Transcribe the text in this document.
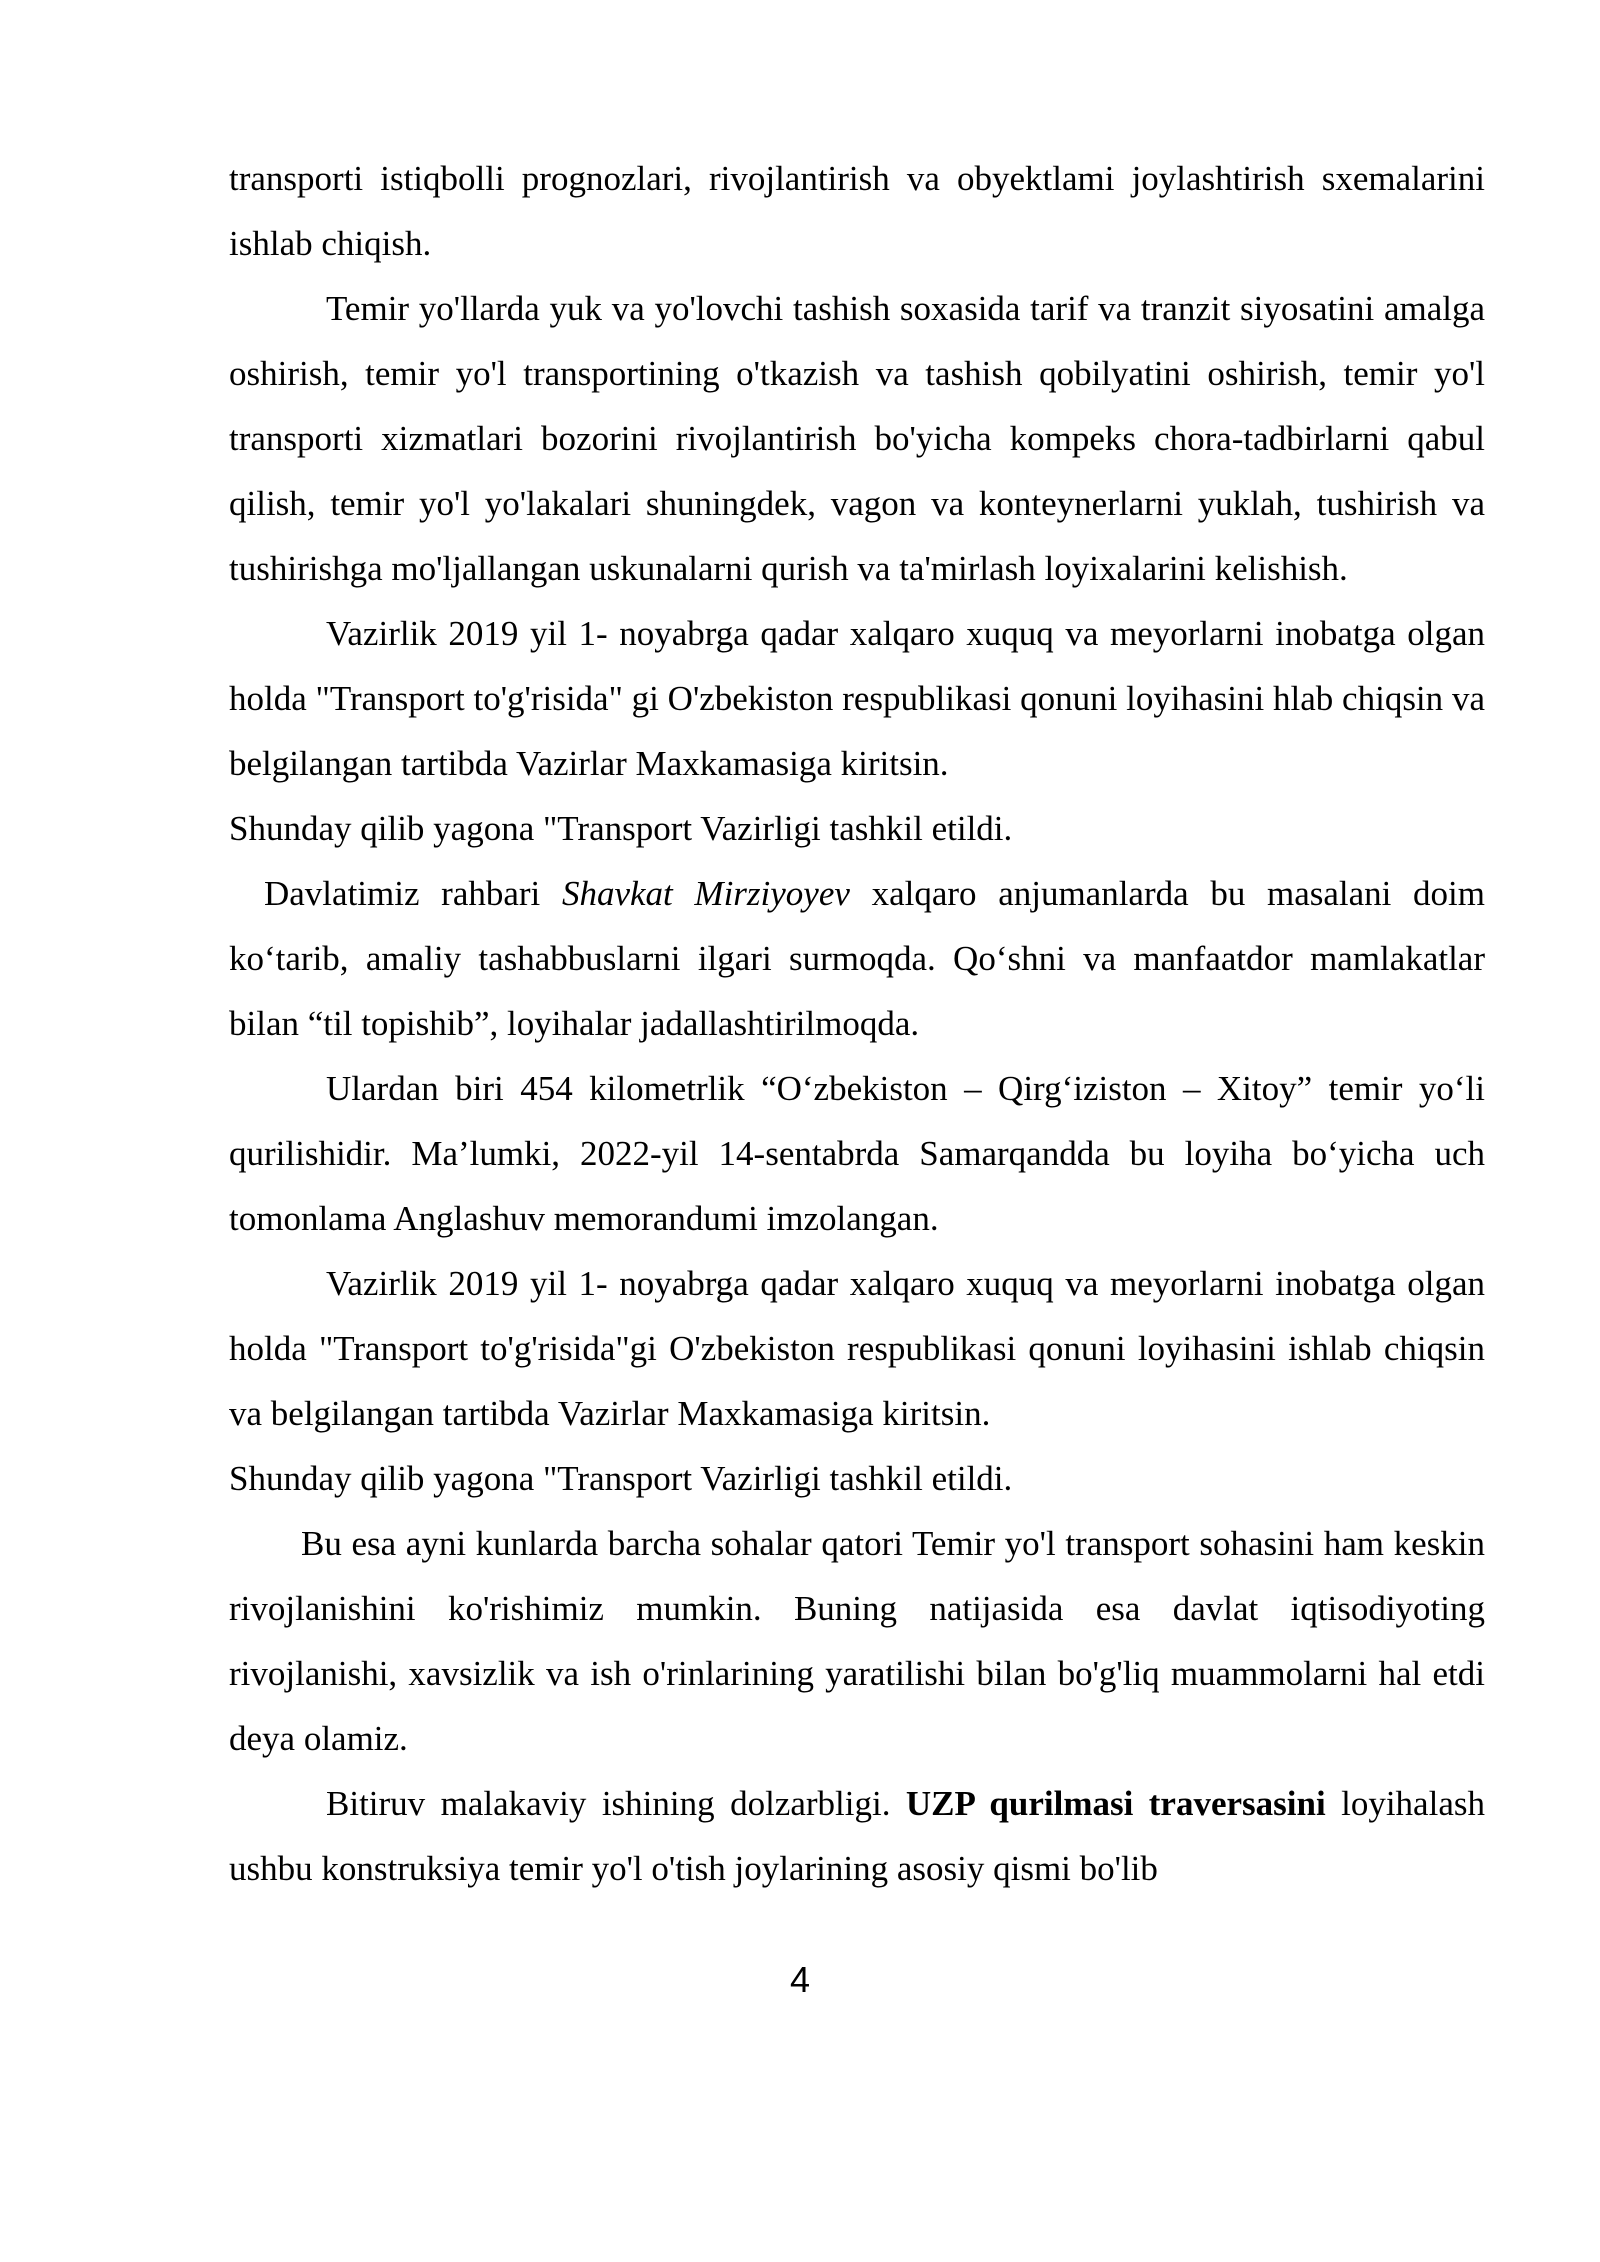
transporti istiqbolli prognozlari, rivojlantirish va obyektlami joylashtirish sxemalarini ishlab chiqish.

Temir yo'llarda yuk va yo'lovchi tashish soxasida tarif va tranzit siyosatini amalga oshirish, temir yo'l transportining o'tkazish va tashish qobilyatini oshirish, temir yo'l transporti xizmatlari bozorini rivojlantirish bo'yicha kompeks chora-tadbirlarni qabul qilish, temir yo'l yo'lakalari shuningdek, vagon va konteynerlarni yuklah, tushirish va tushirishga mo'ljallangan uskunalarni qurish va ta'mirlash loyixalarini kelishish.

Vazirlik 2019 yil 1- noyabrga qadar xalqaro xuquq va meyorlarni inobatga olgan holda "Transport to'g'risida" gi O'zbekiston respublikasi qonuni loyihasini hlab chiqsin va belgilangan tartibda Vazirlar Maxkamasiga kiritsin.

Shunday qilib yagona "Transport Vazirligi tashkil etildi.

Davlatimiz rahbari Shavkat Mirziyoyev xalqaro anjumanlarda bu masalani doim ko‘tarib, amaliy tashabbuslarni ilgari surmoqda. Qo‘shni va manfaatdor mamlakatlar bilan “til topishib”, loyihalar jadallashtirilmoqda.

Ulardan biri 454 kilometrlik “O‘zbekiston – Qirg‘iziston – Xitoy” temir yo‘li qurilishidir. Ma’lumki, 2022-yil 14-sentabrda Samarqandda bu loyiha bo‘yicha uch tomonlama Anglashuv memorandumi imzolangan.

Vazirlik 2019 yil 1- noyabrga qadar xalqaro xuquq va meyorlarni inobatga olgan holda "Transport to'g'risida"gi O'zbekiston respublikasi qonuni loyihasini ishlab chiqsin va belgilangan tartibda Vazirlar Maxkamasiga kiritsin.

Shunday qilib yagona "Transport Vazirligi tashkil etildi.

Bu esa ayni kunlarda barcha sohalar qatori Temir yo'l transport sohasini ham keskin rivojlanishini ko'rishimiz mumkin. Buning natijasida esa davlat iqtisodiyoting rivojlanishi, xavsizlik va ish o'rinlarining yaratilishi bilan bo'g'liq muammolarni hal etdi deya olamiz.

Bitiruv malakaviy ishining dolzarbligi. UZP qurilmasi traversasini loyihalash ushbu konstruksiya temir yo'l o'tish joylarining asosiy qismi bo'lib

4
